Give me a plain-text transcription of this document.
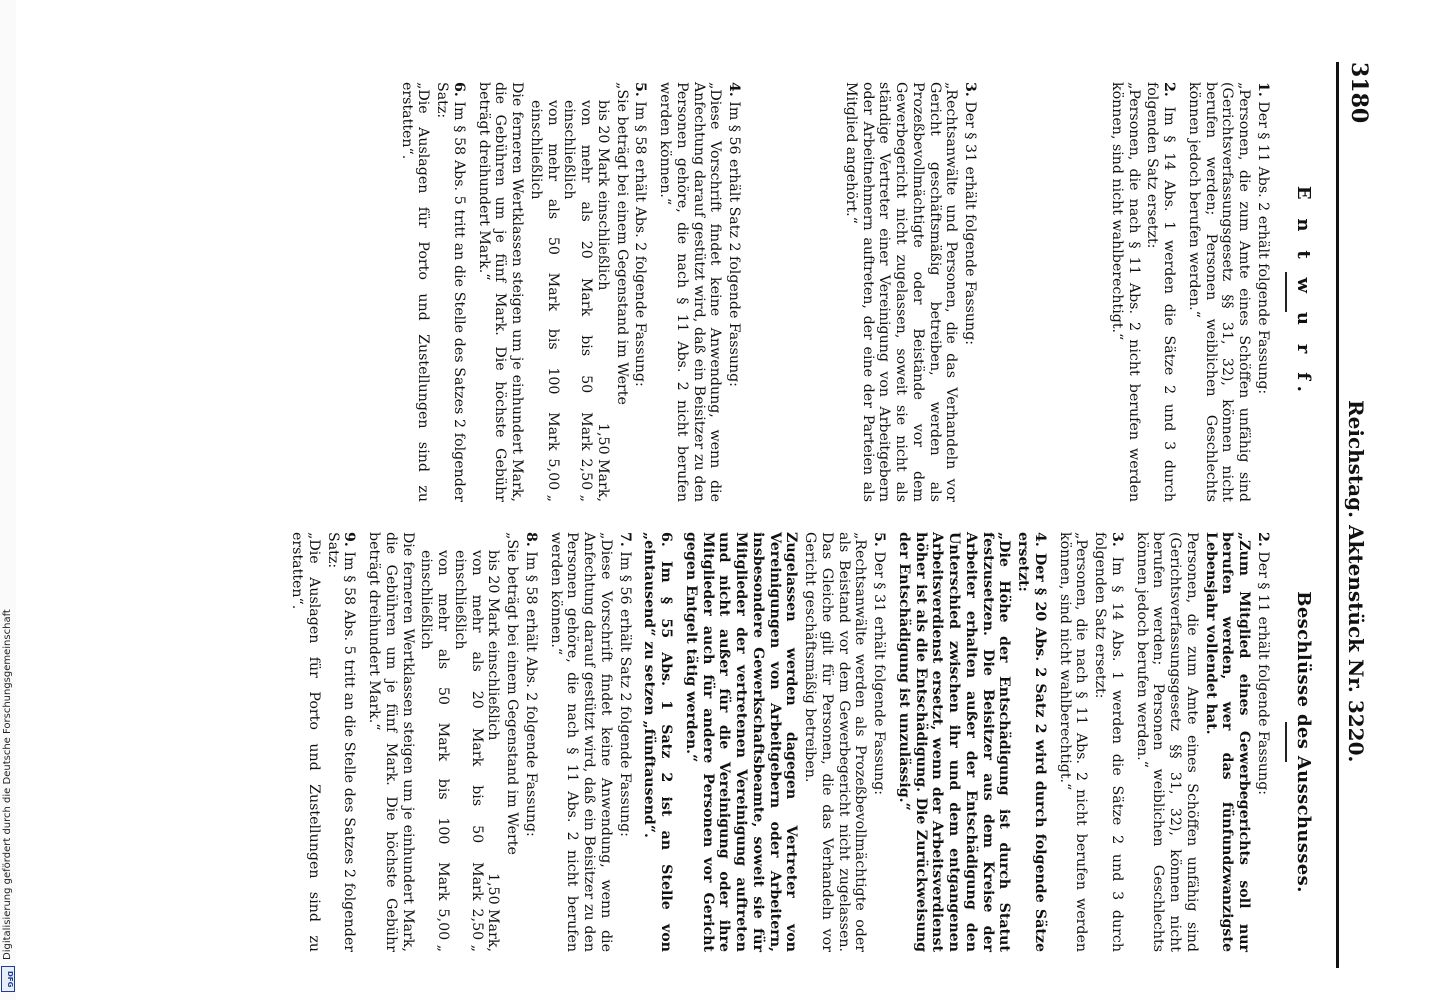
Digitalisierung gefördert durch die Deutsche Forschungsgemeinschaft
DFG
3180
Reichstag. Aktenstück Nr. 3220.
E n t w u r f.

1. Der § 11 Abs. 2 erhält folgende Fassung:

„Personen, die zum Amte eines Schöffen unfähig sind (Gerichtsverfassungsgesetz §§ 31, 32), können nicht berufen werden; Personen weiblichen Geschlechts können jedoch berufen werden.“

2. Im § 14 Abs. 1 werden die Sätze 2 und 3 durch folgenden Satz ersetzt:

„Personen, die nach § 11 Abs. 2 nicht berufen werden können, sind nicht wahlberechtigt.“

3. Der § 31 erhält folgende Fassung:

„Rechtsanwälte und Personen, die das Verhandeln vor Gericht geschäftsmäßig betreiben, werden als Prozeßbevollmächtigte oder Beistände vor dem Gewerbegericht nicht zugelassen, soweit sie nicht als ständige Vertreter einer Vereinigung von Arbeitgebern oder Arbeitnehmern auftreten, der eine der Parteien als Mitglied angehört.“

4. Im § 56 erhält Satz 2 folgende Fassung:

„Diese Vorschrift findet keine Anwendung, wenn die Anfechtung darauf gestützt wird, daß ein Beisitzer zu den Personen gehöre, die nach § 11 Abs. 2 nicht berufen werden können.“

5. Im § 58 erhält Abs. 2 folgende Fassung:

„Sie beträgt bei einem Gegenstand im Werte

bis 20 Mark einschließlich
1,50 Mark,
von mehr als 20 Mark bis 50 Mark einschließlich
2,50 „
von mehr als 50 Mark bis 100 Mark einschließlich
5,00 „

Die ferneren Wertklassen steigen um je einhundert Mark, die Gebühren um je fünf Mark. Die höchste Gebühr beträgt dreihundert Mark.“

6. Im § 58 Abs. 5 tritt an die Stelle des Satzes 2 folgender Satz:

„Die Auslagen für Porto und Zustellungen sind zu erstatten“.

Beschlüsse des Ausschusses.

2. Der § 11 erhält folgende Fassung:

„Zum Mitglied eines Gewerbegerichts soll nur berufen werden, wer das fünfundzwanzigste Lebensjahr vollendet hat.

Personen, die zum Amte eines Schöffen unfähig sind (Gerichtsverfassungsgesetz §§ 31, 32), können nicht berufen werden; Personen weiblichen Geschlechts können jedoch berufen werden.“

3. Im § 14 Abs. 1 werden die Sätze 2 und 3 durch folgenden Satz ersetzt:

„Personen, die nach § 11 Abs. 2 nicht berufen werden können, sind nicht wahlberechtigt.“

4. Der § 20 Abs. 2 Satz 2 wird durch folgende Sätze ersetzt:

„Die Höhe der Entschädigung ist durch Statut festzusetzen. Die Beisitzer aus dem Kreise der Arbeiter erhalten außer der Entschädigung den Unterschied zwischen ihr und dem entgangenen Arbeitsverdienst ersetzt, wenn der Arbeitsverdienst höher ist als die Entschädigung. Die Zurückweisung der Entschädigung ist unzulässig.“

5. Der § 31 erhält folgende Fassung:

„Rechtsanwälte werden als Prozeßbevollmächtigte oder als Beistand vor dem Gewerbegericht nicht zugelassen. Das Gleiche gilt für Personen, die das Verhandeln vor Gericht geschäftsmäßig betreiben.

Zugelassen werden dagegen Vertreter von Vereinigungen von Arbeitgebern oder Arbeitern, insbesondere Gewerkschaftsbeamte, soweit sie für Mitglieder der vertretenen Vereinigung auftreten und nicht außer für die Vereinigung oder ihre Mitglieder auch für andere Personen vor Gericht gegen Entgelt tätig werden.“

6. Im § 55 Abs. 1 Satz 2 ist an Stelle von „eintausend“ zu setzen „fünftausend“.

7. Im § 56 erhält Satz 2 folgende Fassung:

„Diese Vorschrift findet keine Anwendung, wenn die Anfechtung darauf gestützt wird, daß ein Beisitzer zu den Personen gehöre, die nach § 11 Abs. 2 nicht berufen werden können.“

8. Im § 58 erhält Abs. 2 folgende Fassung:

„Sie beträgt bei einem Gegenstand im Werte

bis 20 Mark einschließlich
1,50 Mark,
von mehr als 20 Mark bis 50 Mark einschließlich
2,50 „
von mehr als 50 Mark bis 100 Mark einschließlich
5,00 „

Die ferneren Wertklassen steigen um je einhundert Mark, die Gebühren um je fünf Mark. Die höchste Gebühr beträgt dreihundert Mark.“

9. Im § 58 Abs. 5 tritt an die Stelle des Satzes 2 folgender Satz:

„Die Auslagen für Porto und Zustellungen sind zu erstatten“.
